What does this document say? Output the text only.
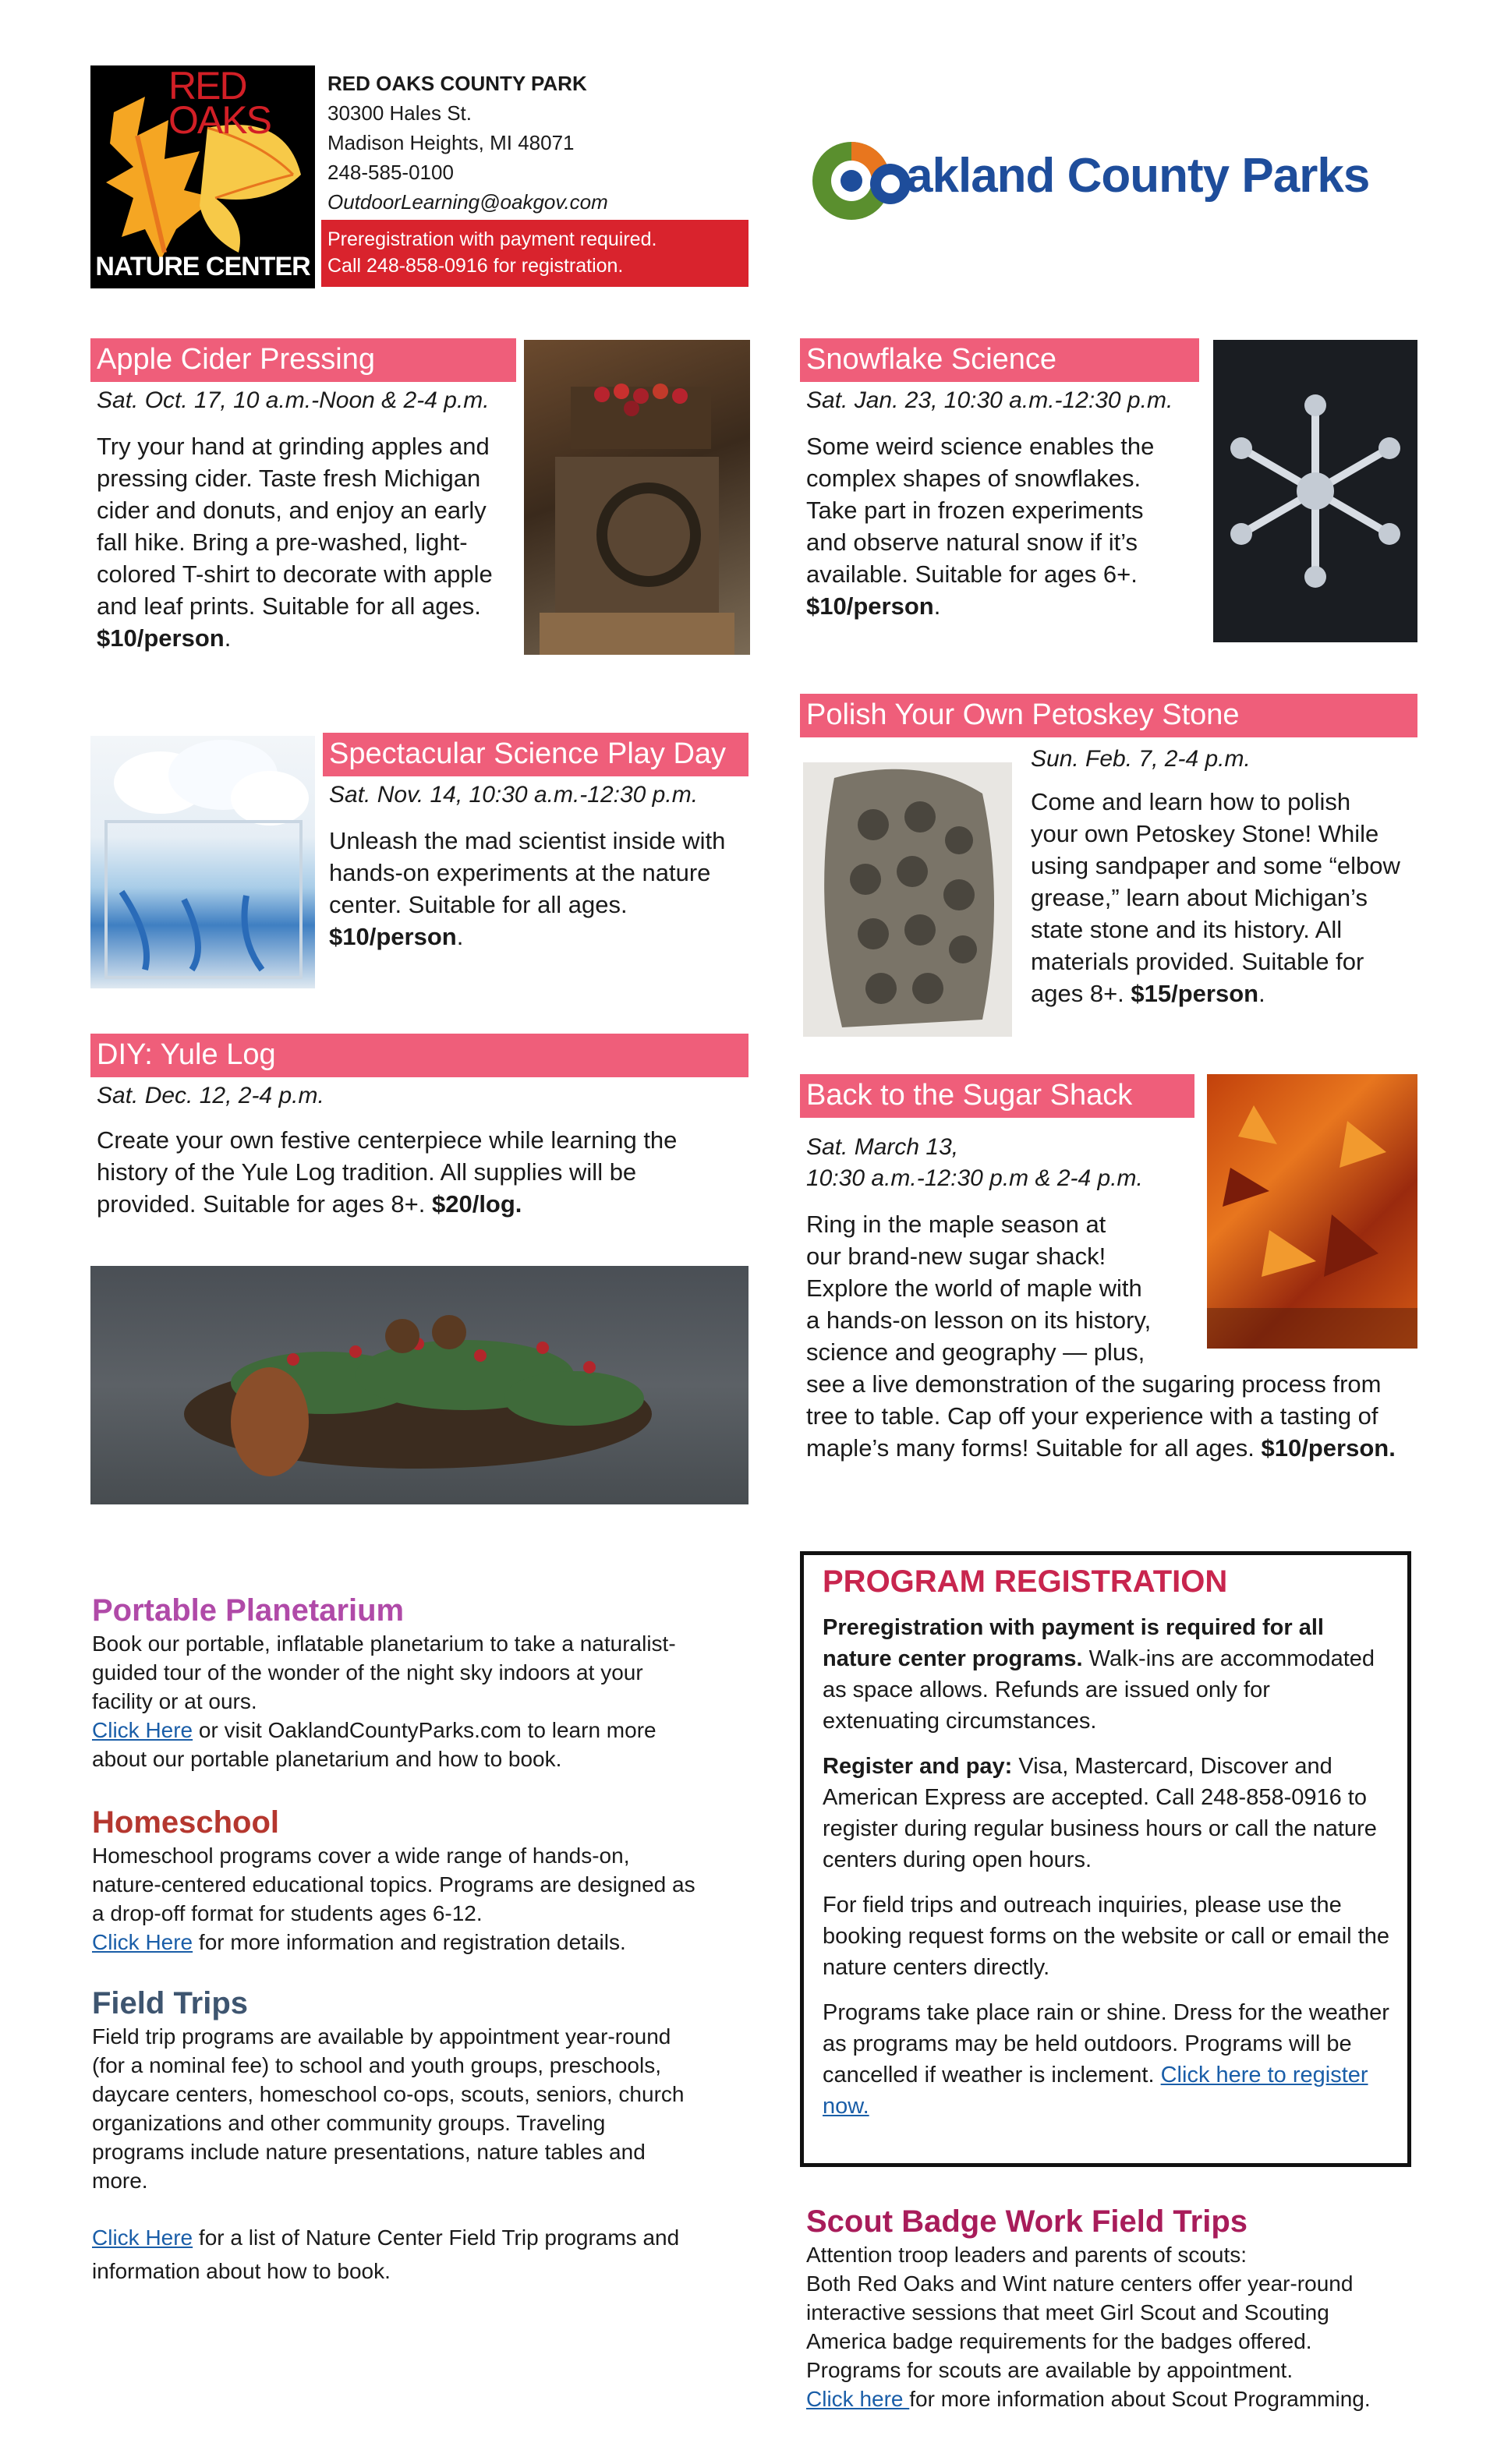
RED OAKS
NATURE CENTER
RED OAKS COUNTY PARK
30300 Hales St.
Madison Heights, MI 48071
248-585-0100
OutdoorLearning@oakgov.com
Preregistration with payment required.
Call 248-858-0916 for registration.
akland County Parks
Apple Cider Pressing
Sat. Oct. 17, 10 a.m.-Noon & 2-4 p.m.
Try your hand at grinding apples and
pressing cider. Taste fresh Michigan
cider and donuts, and enjoy an early
fall hike. Bring a pre-washed, light-
colored T-shirt to decorate with apple
and leaf prints. Suitable for all ages.
$10/person.
Snowflake Science
Sat. Jan. 23, 10:30 a.m.-12:30 p.m.
Some weird science enables the
complex shapes of snowflakes.
Take part in frozen experiments
and observe natural snow if it’s
available. Suitable for ages 6+.
$10/person.
Spectacular Science Play Day
Sat. Nov. 14, 10:30 a.m.-12:30 p.m.
Unleash the mad scientist inside with
hands-on experiments at the nature
center. Suitable for all ages.
$10/person.
Polish Your Own Petoskey Stone
Sun. Feb. 7, 2-4 p.m.
Come and learn how to polish
your own Petoskey Stone! While
using sandpaper and some “elbow
grease,” learn about Michigan’s
state stone and its history. All
materials provided. Suitable for
ages 8+. $15/person.
DIY: Yule Log
Sat. Dec. 12, 2-4 p.m.
Create your own festive centerpiece while learning the
history of the Yule Log tradition. All supplies will be
provided. Suitable for ages 8+. $20/log.
Back to the Sugar Shack
Sat. March 13,
10:30 a.m.-12:30 p.m & 2-4 p.m.
Ring in the maple season at
our brand-new sugar shack!
Explore the world of maple with
a hands-on lesson on its history,
science and geography — plus,
see a live demonstration of the sugaring process from
tree to table. Cap off your experience with a tasting of
maple’s many forms! Suitable for all ages. $10/person.
Portable Planetarium
Book our portable, inflatable planetarium to take a naturalist-
guided tour of the wonder of the night sky indoors at your
facility or at ours.
Click Here or visit OaklandCountyParks.com to learn more
about our portable planetarium and how to book.
Homeschool
Homeschool programs cover a wide range of hands-on,
nature-centered educational topics. Programs are designed as
a drop-off format for students ages 6-12.
Click Here for more information and registration details.
Field Trips
Field trip programs are available by appointment year-round
(for a nominal fee) to school and youth groups, preschools,
daycare centers, homeschool co-ops, scouts, seniors, church
organizations and other community groups. Traveling
programs include nature presentations, nature tables and
more.
Click Here for a list of Nature Center Field Trip programs and
information about how to book.
PROGRAM REGISTRATION
Preregistration with payment is required for all nature center programs. Walk-ins are accommodated as space allows. Refunds are issued only for extenuating circumstances.
Register and pay: Visa, Mastercard, Discover and American Express are accepted. Call 248-858-0916 to register during regular business hours or call the nature centers during open hours.
For field trips and outreach inquiries, please use the booking request forms on the website or call or email the nature centers directly.
Programs take place rain or shine. Dress for the weather as programs may be held outdoors. Programs will be cancelled if weather is inclement. Click here to register now.
Scout Badge Work Field Trips
Attention troop leaders and parents of scouts:
Both Red Oaks and Wint nature centers offer year-round
interactive sessions that meet Girl Scout and Scouting
America badge requirements for the badges offered.
Programs for scouts are available by appointment.
Click here for more information about Scout Programming.
